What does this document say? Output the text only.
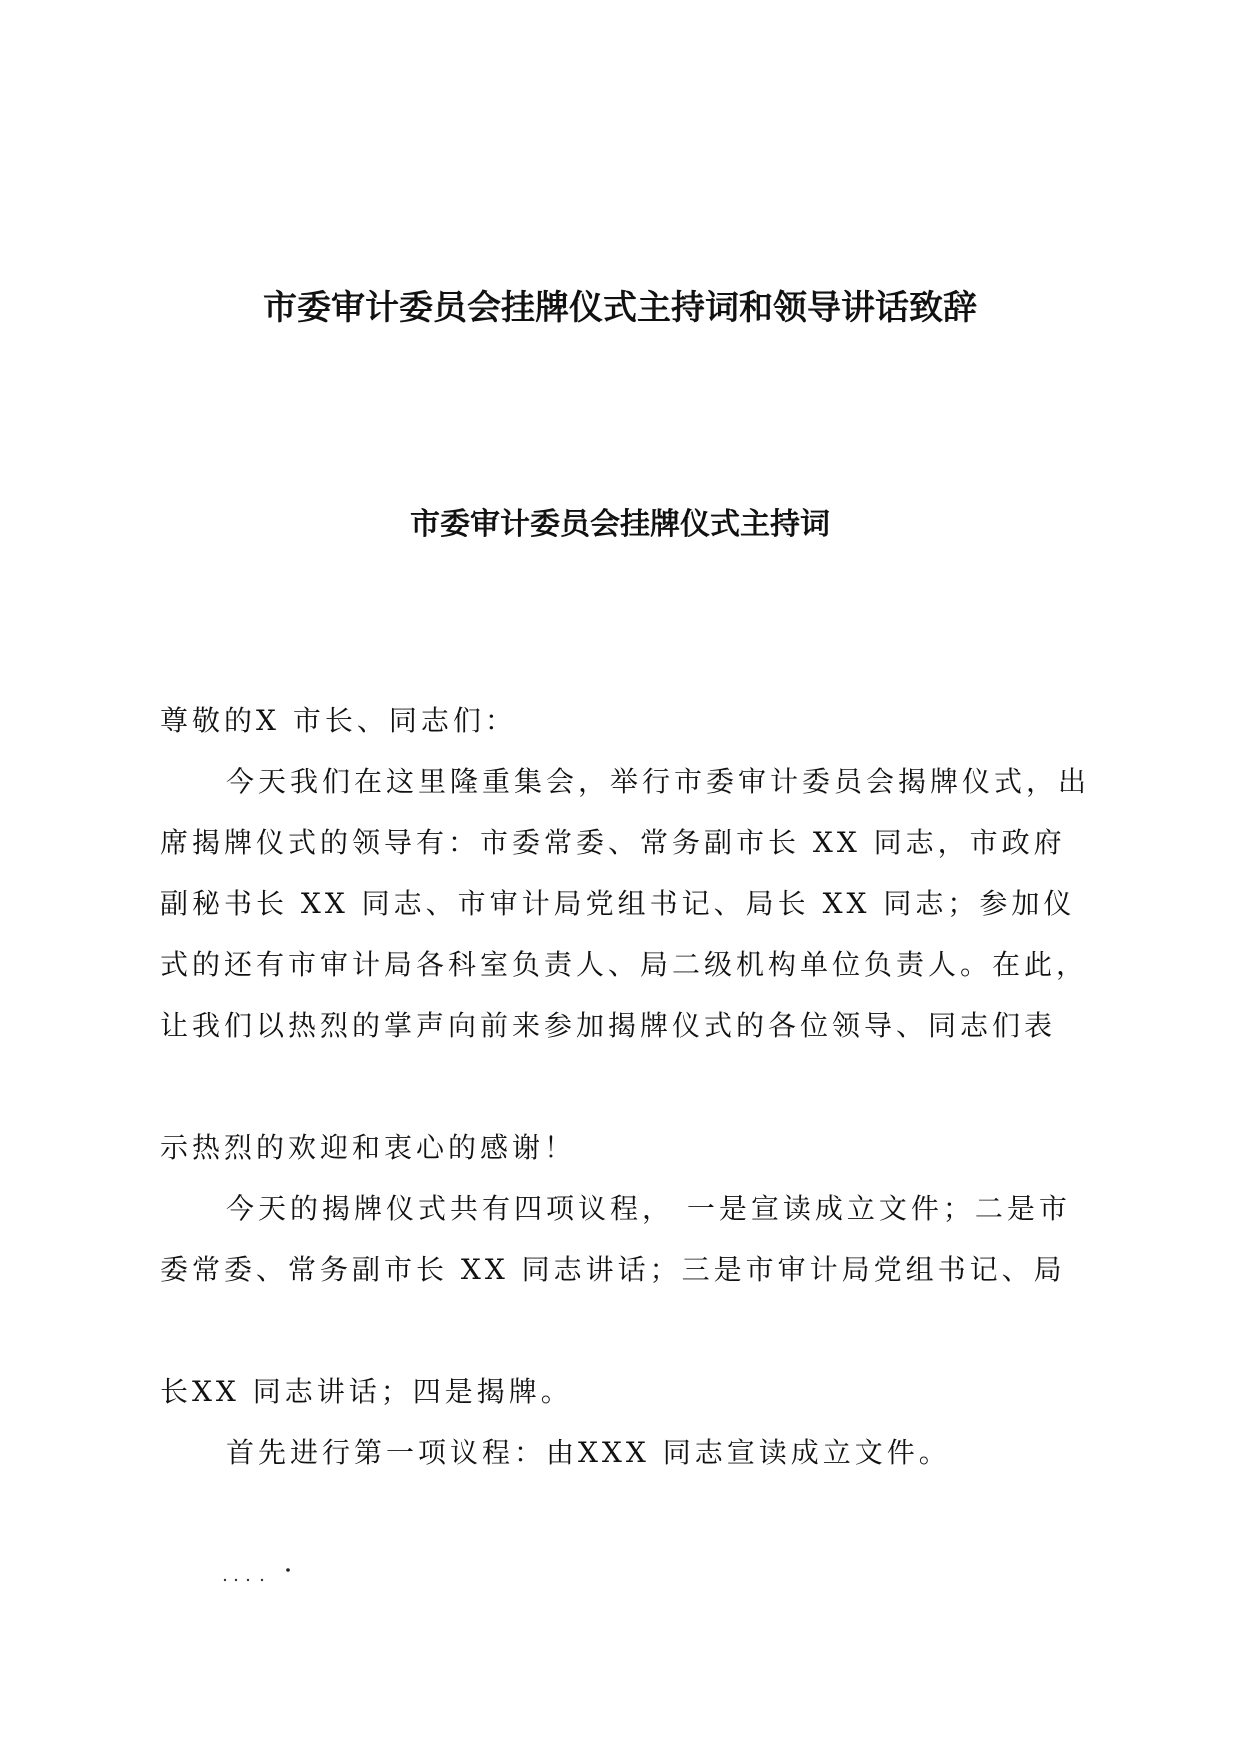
市委审计委员会挂牌仪式主持词和领导讲话致辞
市委审计委员会挂牌仪式主持词

尊敬的X 市长、同志们：

今天我们在这里隆重集会，举行市委审计委员会揭牌仪式，出席揭牌仪式的领导有：市委常委、常务副市长 XX 同志，市政府副秘书长 XX 同志、市审计局党组书记、局长 XX 同志；参加仪 式的还有市审计局各科室负责人、局二级机构单位负责人。在此， 让我们以热烈的掌声向前来参加揭牌仪式的各位领导、同志们表

示热烈的欢迎和衷心的感谢！

今天的揭牌仪式共有四项议程， 一是宣读成立文件；二是市委常委、常务副市长 XX 同志讲话；三是市审计局党组书记、局

长XX 同志讲话；四是揭牌。

首先进行第一项议程：由XXX 同志宣读成立文件。
